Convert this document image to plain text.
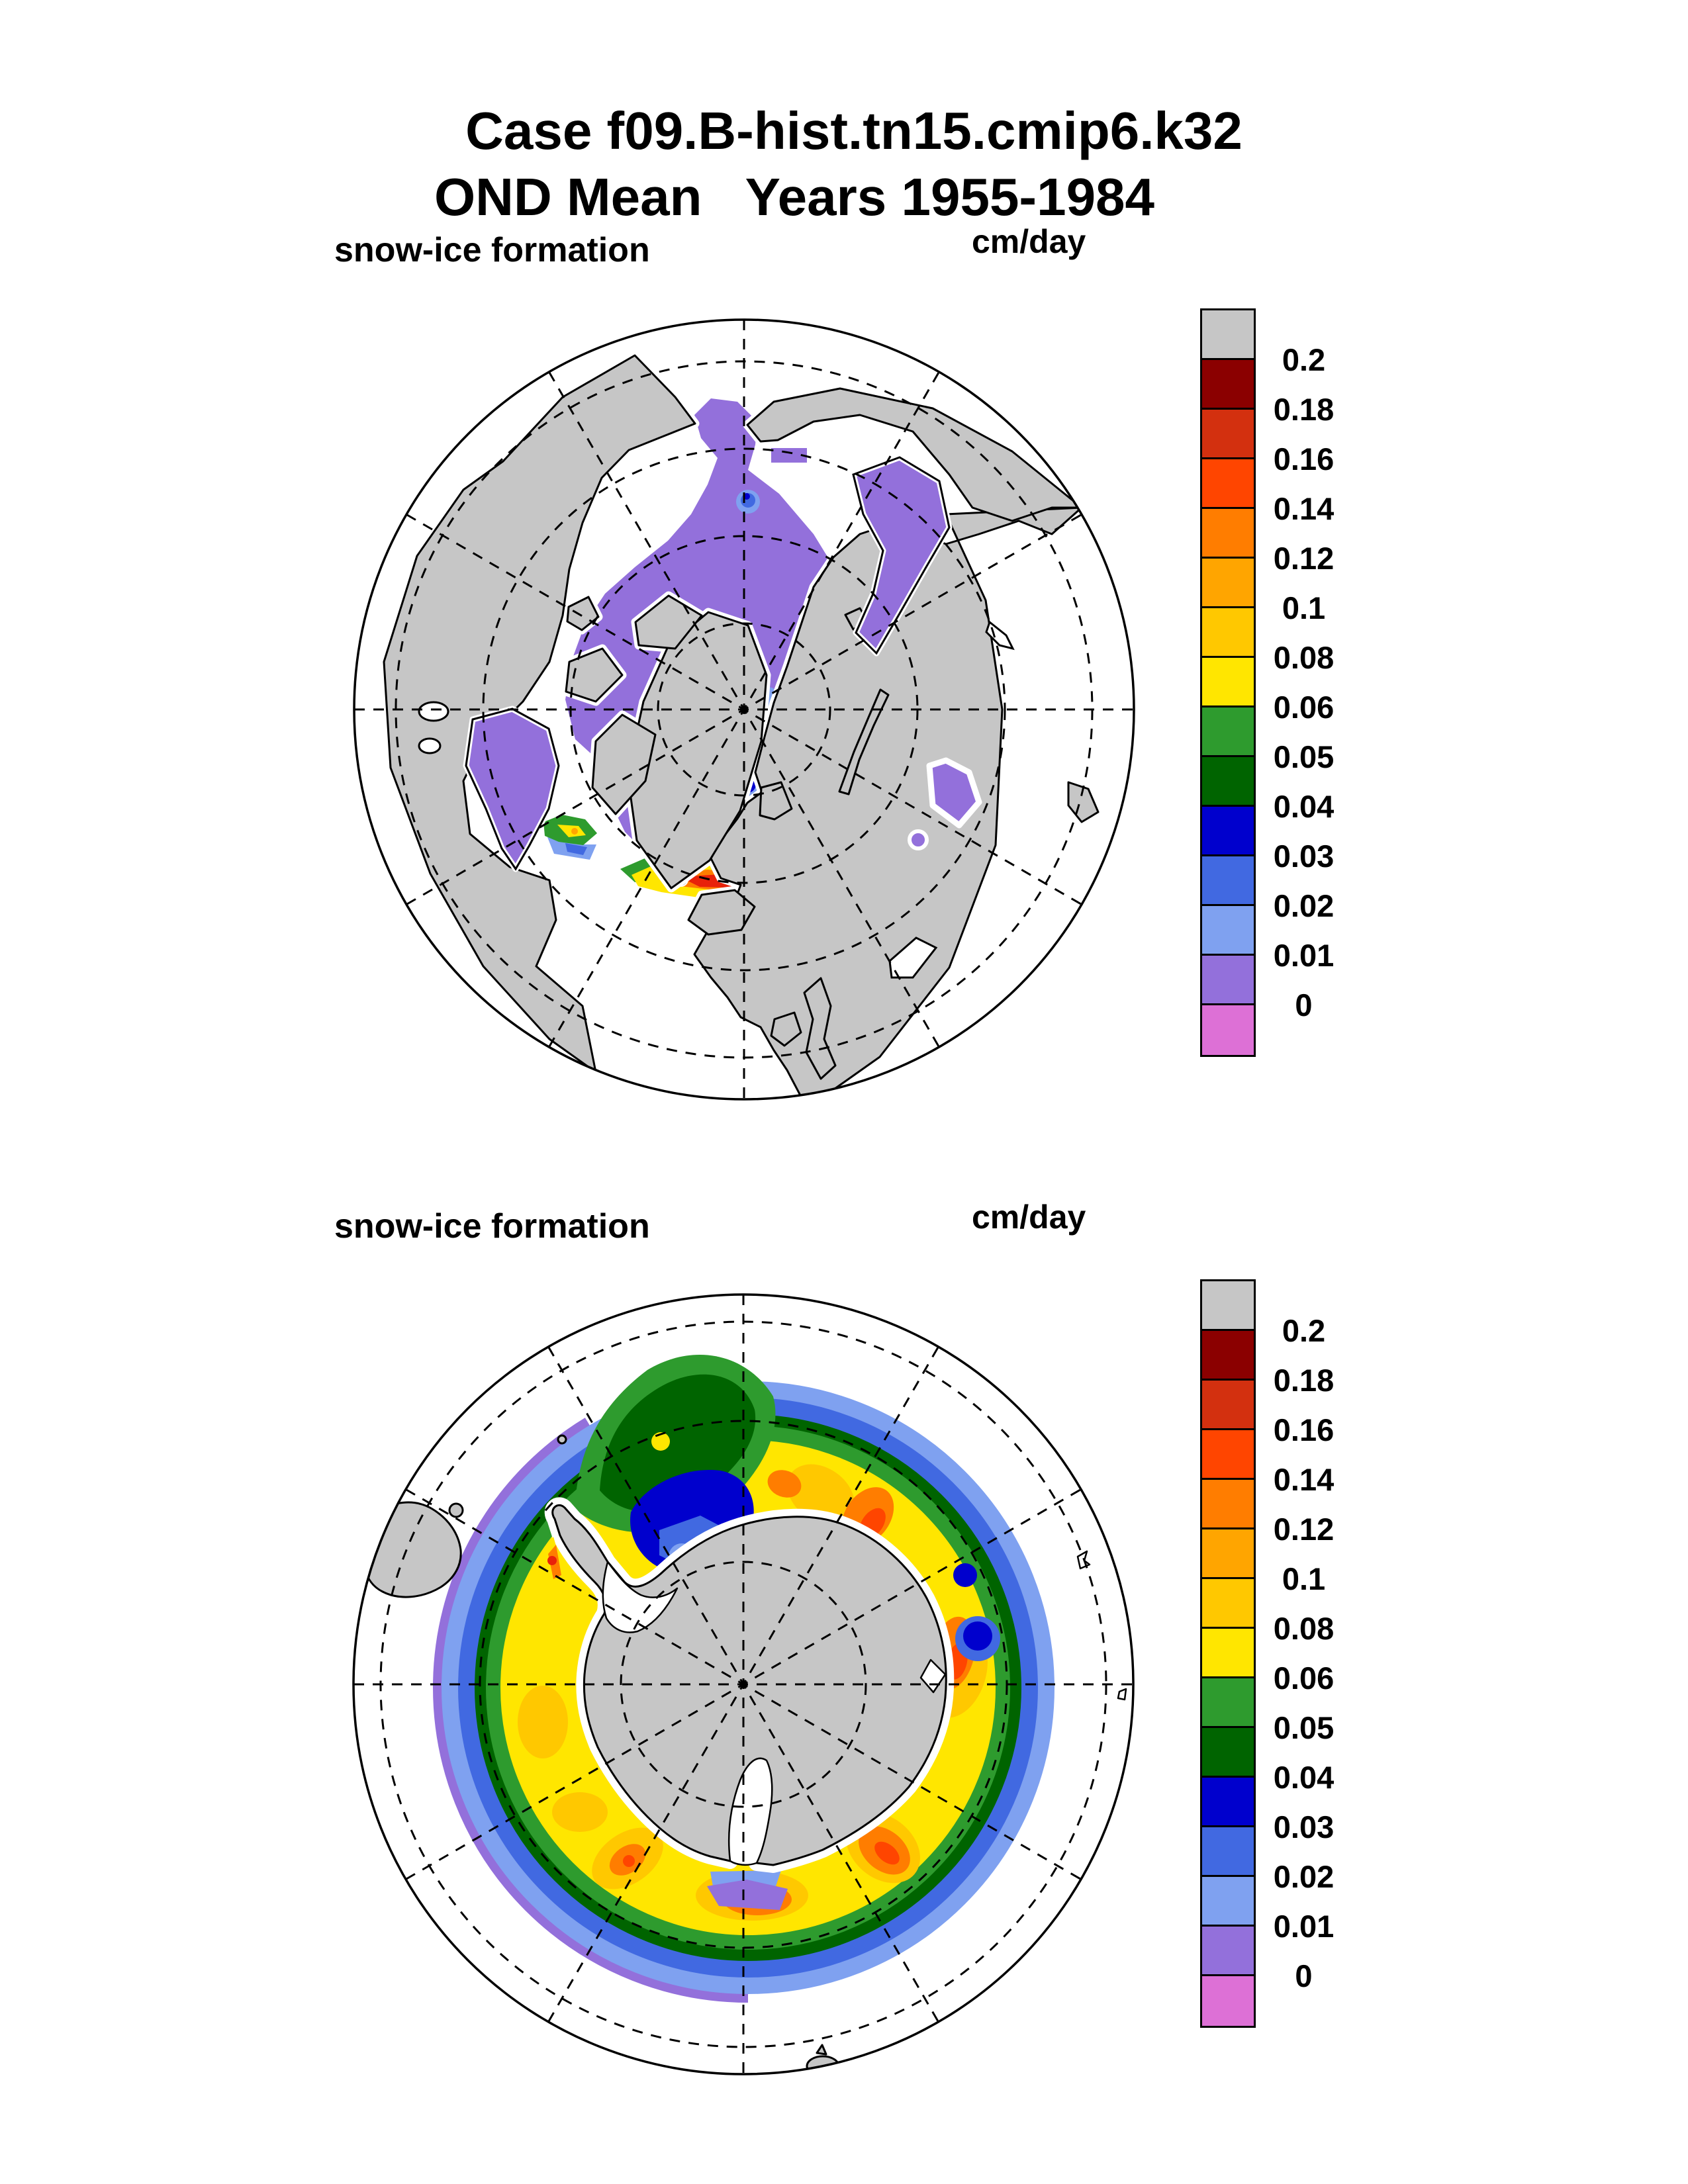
Case f09.B-hist.tn15.cmip6.k32
OND Mean   Years 1955-1984
snow-ice formation	cm/day
snow-ice formation	cm/day
0.2
0.18
0.16
0.14
0.12
0.1
0.08
0.06
0.05
0.04
0.03
0.02
0.01
0
0.2
0.18
0.16
0.14
0.12
0.1
0.08
0.06
0.05
0.04
0.03
0.02
0.01
0
